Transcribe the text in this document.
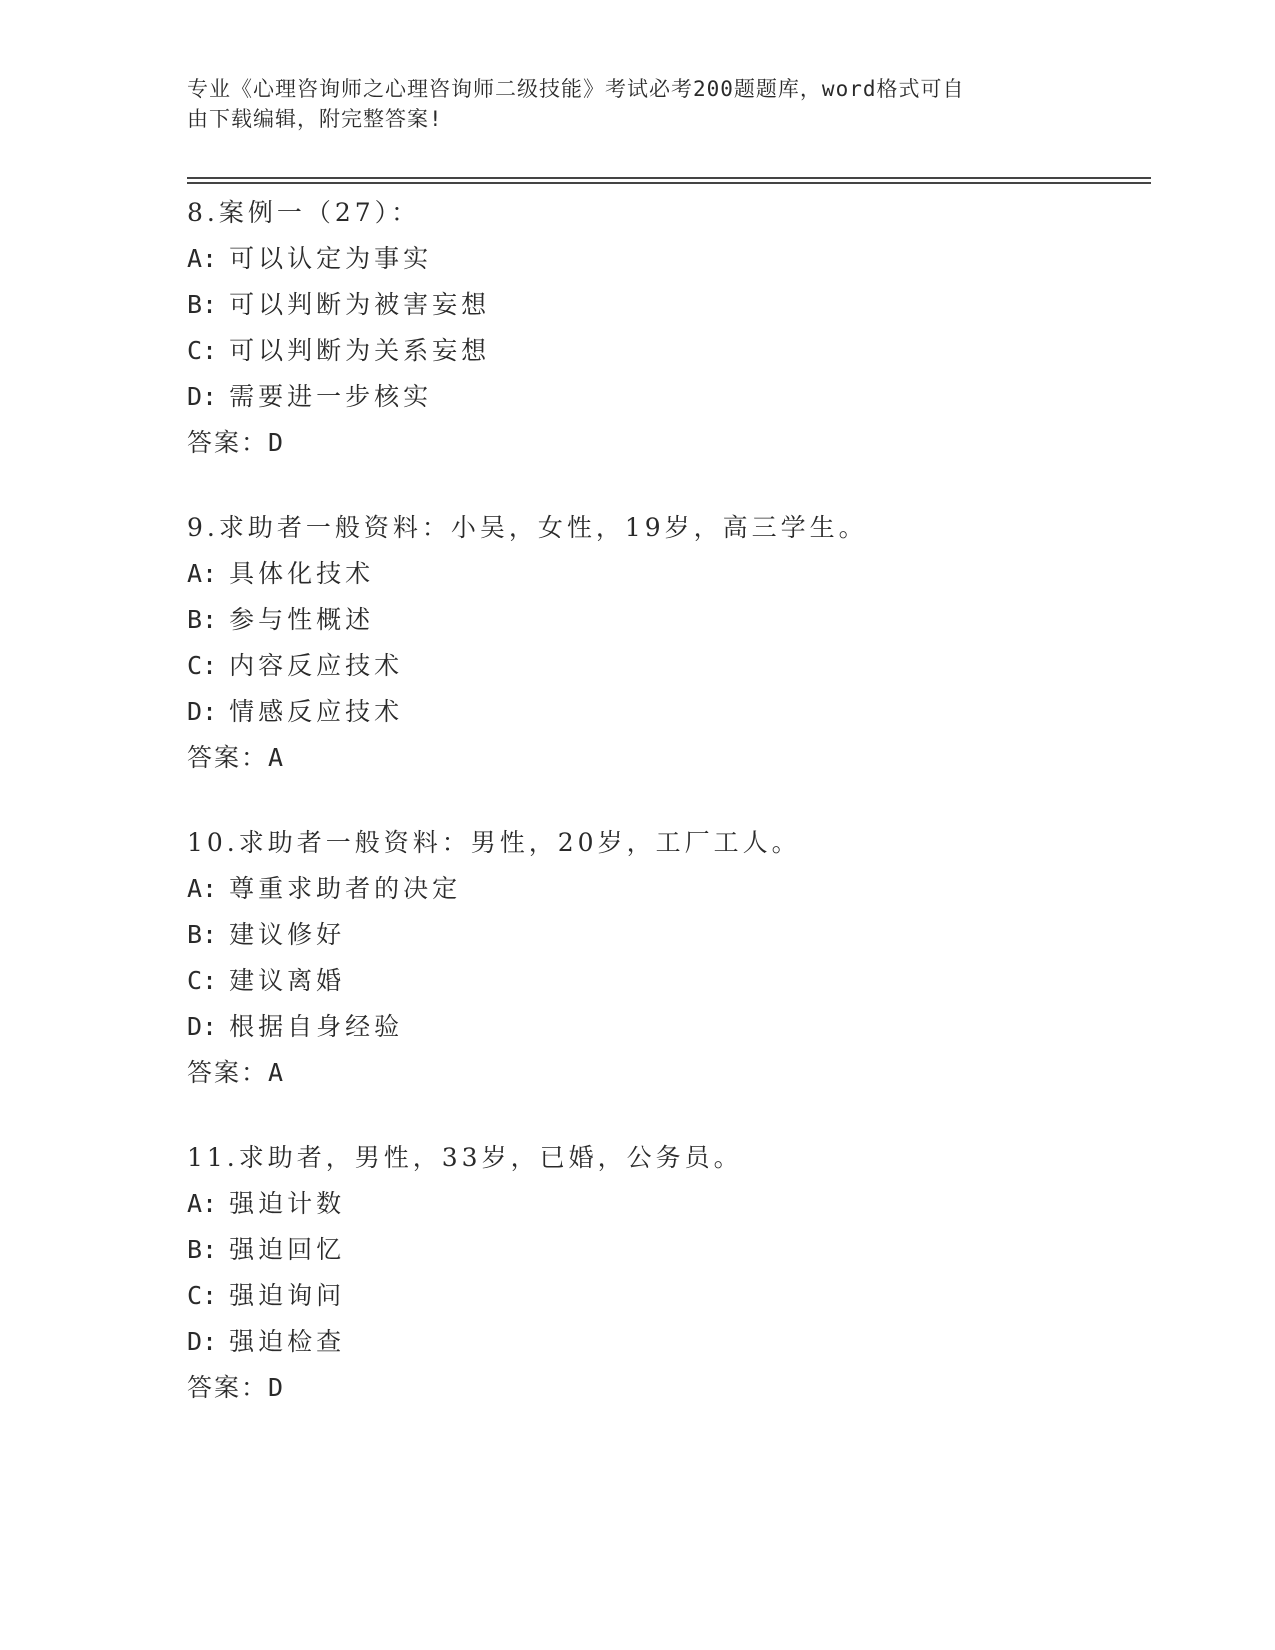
专业《心理咨询师之心理咨询师二级技能》考试必考200题题库，word格式可自
由下载编辑，附完整答案!
8.案例一（27）：
A: 可以认定为事实
B: 可以判断为被害妄想
C: 可以判断为关系妄想
D: 需要进一步核实
答案：D
9.求助者一般资料：小吴，女性，19岁，高三学生。
A: 具体化技术
B: 参与性概述
C: 内容反应技术
D: 情感反应技术
答案：A
10.求助者一般资料：男性，20岁，工厂工人。
A: 尊重求助者的决定
B: 建议修好
C: 建议离婚
D: 根据自身经验
答案：A
11.求助者，男性，33岁，已婚，公务员。
A: 强迫计数
B: 强迫回忆
C: 强迫询问
D: 强迫检查
答案：D
